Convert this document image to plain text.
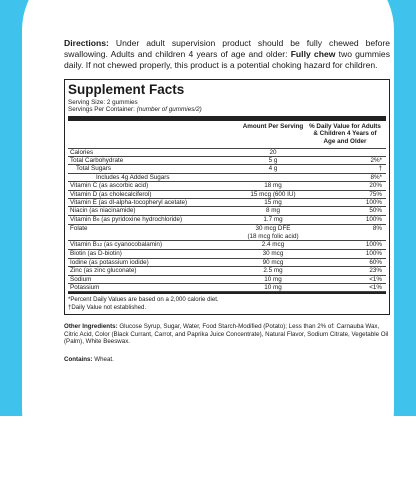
Directions: Under adult supervision product should be fully chewed before swallowing. Adults and children 4 years of age and older: Fully chew two gummies daily. If not chewed properly, this product is a potential choking hazard for children.

Supplement Facts
Serving Size: 2 gummies
Servings Per Container: (number of gummies/2)
	Amount Per Serving	% Daily Value for Adults & Children 4 Years of Age and Older
Calories	20	

Total Carbohydrate	5 g	2%*
Total Sugars	4 g	†
Includes 4g Added Sugars		8%*
Vitamin C (as ascorbic acid)	18 mg	20%
Vitamin D (as cholecalciferol)	15 mcg (600 IU)	75%
Vitamin E (as dl-alpha-tocopheryl acetate)	15 mg	100%
Niacin (as niacinamide)	8 mg	50%
Vitamin B6 (as pyridoxine hydrochloride)	1.7 mg	100%
Folate	30 mcg DFE
(18 mcg folic acid)	8%
Vitamin B12 (as cyanocobalamin)	2.4 mcg	100%
Biotin (as D-biotin)	30 mcg	100%
Iodine (as potassium iodide)	90 mcg	60%
Zinc (as zinc gluconate)	2.5 mg	23%
Sodium	10 mg	<1%
Potassium	10 mg	<1%
*Percent Daily Values are based on a 2,000 calorie diet.
†Daily Value not established.

Other Ingredients: Glucose Syrup, Sugar, Water, Food Starch-Modified (Potato); Less than 2% of: Carnauba Wax, Citric Acid, Color (Black Currant, Carrot, and Paprika Juice Concentrate), Natural Flavor, Sodium Citrate, Vegetable Oil (Palm), White Beeswax.

Contains: Wheat.
